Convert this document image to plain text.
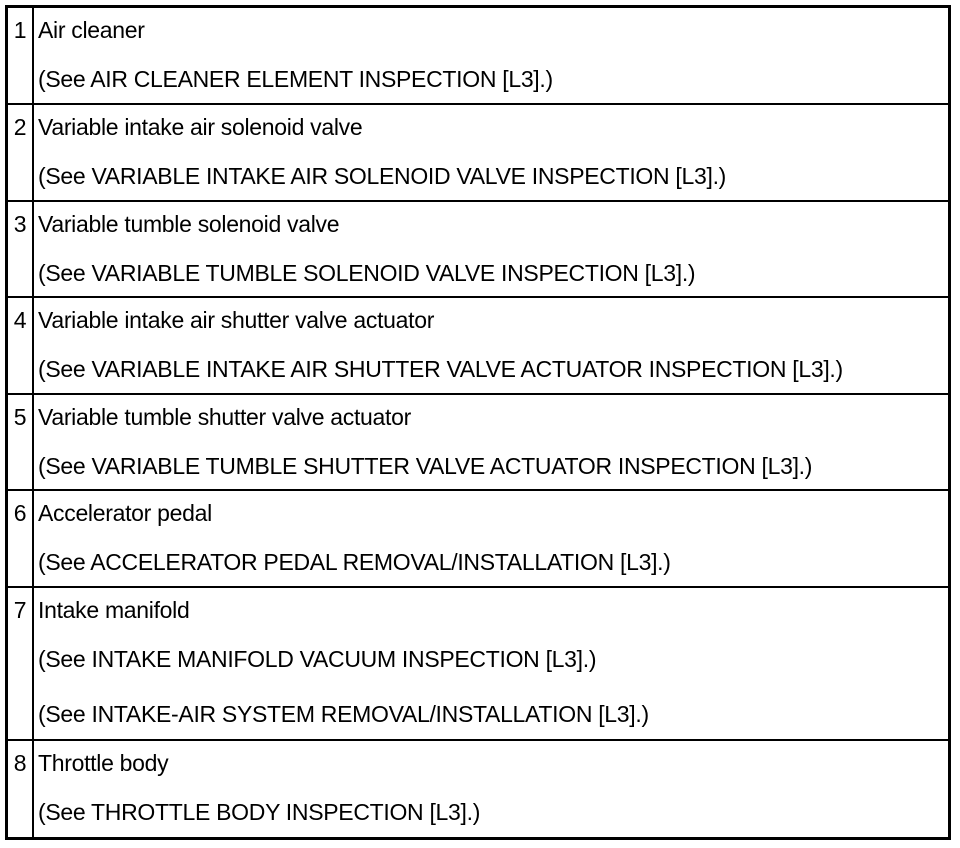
1	Air cleaner
(See AIR CLEANER ELEMENT INSPECTION [L3].)

2	Variable intake air solenoid valve
(See VARIABLE INTAKE AIR SOLENOID VALVE INSPECTION [L3].)

3	Variable tumble solenoid valve
(See VARIABLE TUMBLE SOLENOID VALVE INSPECTION [L3].)

4	Variable intake air shutter valve actuator
(See VARIABLE INTAKE AIR SHUTTER VALVE ACTUATOR INSPECTION [L3].)

5	Variable tumble shutter valve actuator
(See VARIABLE TUMBLE SHUTTER VALVE ACTUATOR INSPECTION [L3].)

6	Accelerator pedal
(See ACCELERATOR PEDAL REMOVAL/INSTALLATION [L3].)

7	Intake manifold
(See INTAKE MANIFOLD VACUUM INSPECTION [L3].)
(See INTAKE-AIR SYSTEM REMOVAL/INSTALLATION [L3].)

8	Throttle body
(See THROTTLE BODY INSPECTION [L3].)
